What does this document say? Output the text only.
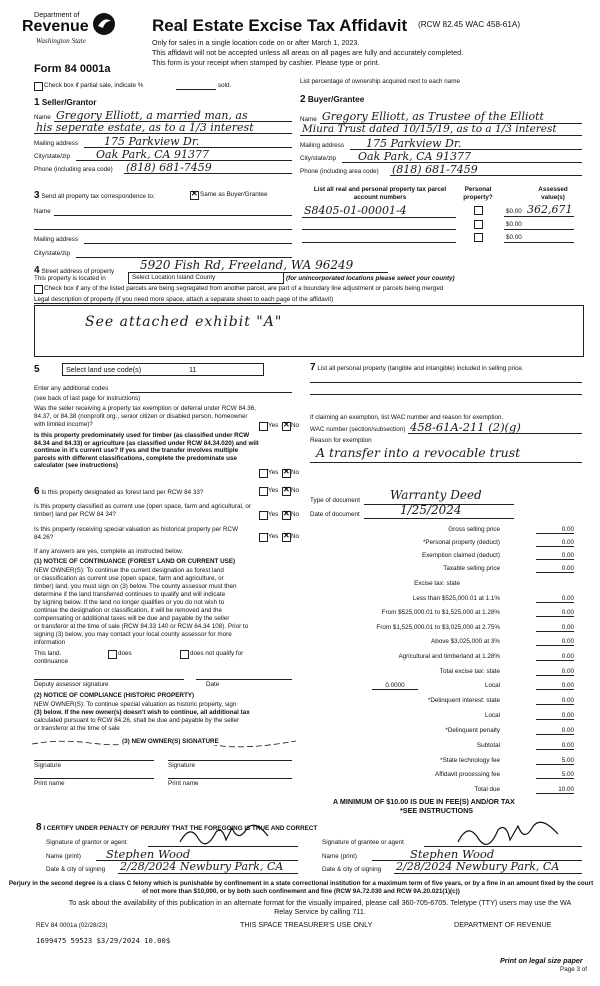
Department of
Revenue
Washington State
Form 84 0001a
Real Estate Excise Tax Affidavit (RCW 82.45 WAC 458-61A)
Only for sales in a single location code on or after March 1, 2023.
This affidavit will not be accepted unless all areas on all pages are fully and accurately completed.
This form is your receipt when stamped by cashier. Please type or print.
Check box if partial sale, indicate %	sold.
List percentage of ownership acquired next to each name
1 Seller/Grantor
Name Gregory Elliott, a married man, as
his seperate estate, as to a 1/3 interest
Mailing address 175 Parkview Dr.
City/state/zip Oak Park, CA 91377
Phone (including area code) (818) 681-7459
2 Buyer/Grantee
Name Gregory Elliott, as Trustee of the Elliott
Miura Trust dated 10/15/19, as to a 1/3 interest
Mailing address 175 Parkview Dr.
City/state/zip Oak Park, CA 91377
Phone (including area code) (818) 681-7459
3 Send all property tax correspondence to: ✕	Same as Buyer/Grantee
Name
Mailing address
City/state/zip
List all real and personal property tax parcel account numbers
Personal property?
Assessed value(s)
S8405-01-00001-4	$0.00 362,671
$0.00
$0.00
4 Street address of property 5920 Fish Rd, Freeland, WA 96249
This property is located in	Select Location Island County	(for unincorporated locations please select your county)
Check box if any of the listed parcels are being segregated from another parcel, are part of a boundary line adjustment or parcels being merged
Legal description of property (if you need more space, attach a separate sheet to each page of the affidavit)
See attached exhibit "A"
5	Select land use code(s)	11
Enter any additional codes
(see back of last page for instructions)
Was the seller receiving a property tax exemption or deferral under RCW 84.36, 84.37, or 84.38 (nonprofit org., senior citizen or disabled person, homeowner with limited income)?	Yes ✕ No
Is this property predominately used for timber (as classified under RCW 84.34 and 84.33) or agriculture (as classified under RCW 84.34.020) and will continue in it's current use? If yes and the transfer involves multiple parcels with different classifications, complete the predominate use calculator (see instructions)
Yes ✕ No
6 Is this property designated as forest land per RCW 84 33?	Yes ✕ No
Is this property classified as current use (open space, farm and agricultural, or timber) land per RCW 84 34?	Yes ✕ No
Is this property receiving special valuation as historical property per RCW 84.26?	Yes ✕ No
If any answers are yes, complete as instructed below.
(1) NOTICE OF CONTINUANCE (FOREST LAND OR CURRENT USE)
NEW OWNER(S): To continue the current designation as forest land
or classification as current use (open space, farm and agriculture, or
timber) land, you must sign on (3) below. The county assessor must then
determine if the land transferred continues to qualify and will indicate
by signing below. If the land no longer qualifies or you do not wish to
continue the designation or classification, it will be removed and the
compensating or additional taxes will be due and payable by the seller
or transferor at the time of sale (RCW 84.33 140 or RCW 84.34 108). Prior to
signing (3) below, you may contact your local county assessor for more
information
This land.	does	does not qualify for
continuance
Deputy assessor signature	Date
(2) NOTICE OF COMPLIANCE (HISTORIC PROPERTY)
NEW OWNER(S): To continue special valuation as historic property, sign
(3) below. If the new owner(s) doesn't wish to continue, all additional tax
calculated pursuant to RCW 84.26, shall be due and payable by the seller
or transferor at the time of sale
(3) NEW OWNER(S) SIGNATURE
Signature	Signature
Print name	Print name
7 List all personal property (tangible and intangible) included in selling price.
If claiming an exemption, list WAC number and reason for exemption.
WAC number (section/subsection) 458-61A-211 (2)(g)
Reason for exemption
A transfer into a revocable trust
Type of document Warranty Deed
Date of document	1/25/2024
Gross selling price	0.00
*Personal property (deduct)	0.00
Exemption claimed (deduct)	0.00
Taxable selling price	0.00
Excise tax: state
Less than $525,000.01 at 1.1%	0.00
From $525,000.01 to $1,525,000 at 1.28%	0.00
From $1,525,000.01 to $3,025,000 at 2.75%	0.00
Above $3,025,000 at 3%	0.00
Agricultural and timberland at 1.28%	0.00
Total excise tax: state	0.00
0.0000	Local	0.00
*Delinquent interest: state	0.00
Local	0.00
*Delinquent penalty	0.00
Subtotal	0.00
*State technology fee	5.00
Affidavit processing fee	5.00
Total due	10.00
A MINIMUM OF $10.00 IS DUE IN FEE(S) AND/OR TAX
*SEE INSTRUCTIONS
8 I CERTIFY UNDER PENALTY OF PERJURY THAT THE FOREGOING IS TRUE AND CORRECT
Signature of grantor or agent
Name (print) Stephen Wood
Date & city of signing 2/28/2024 Newbury Park, CA
Signature of grantee or agent
Name (print)	Stephen Wood
Date & city of signing 2/28/2024 Newbury Park, CA
Perjury in the second degree is a class C felony which is punishable by confinement in a state correctional institution for a maximum term of five years, or by a fine in an amount fixed by the court of not more than $10,000, or by both such confinement and fine (RCW 9A.72.030 and RCW 9A.20.021(1)(c))
To ask about the availability of this publication in an alternate format for the visually impaired, please call 360-705-6705. Teletype (TTY) users may use the WA Relay Service by calling 711.
REV 84 0001a (02/28/23)	THIS SPACE TREASURER'S USE ONLY	DEPARTMENT OF REVENUE
1699475 59523 $3/29/2024 10.00$
Print on legal size paper
Page 3 of
